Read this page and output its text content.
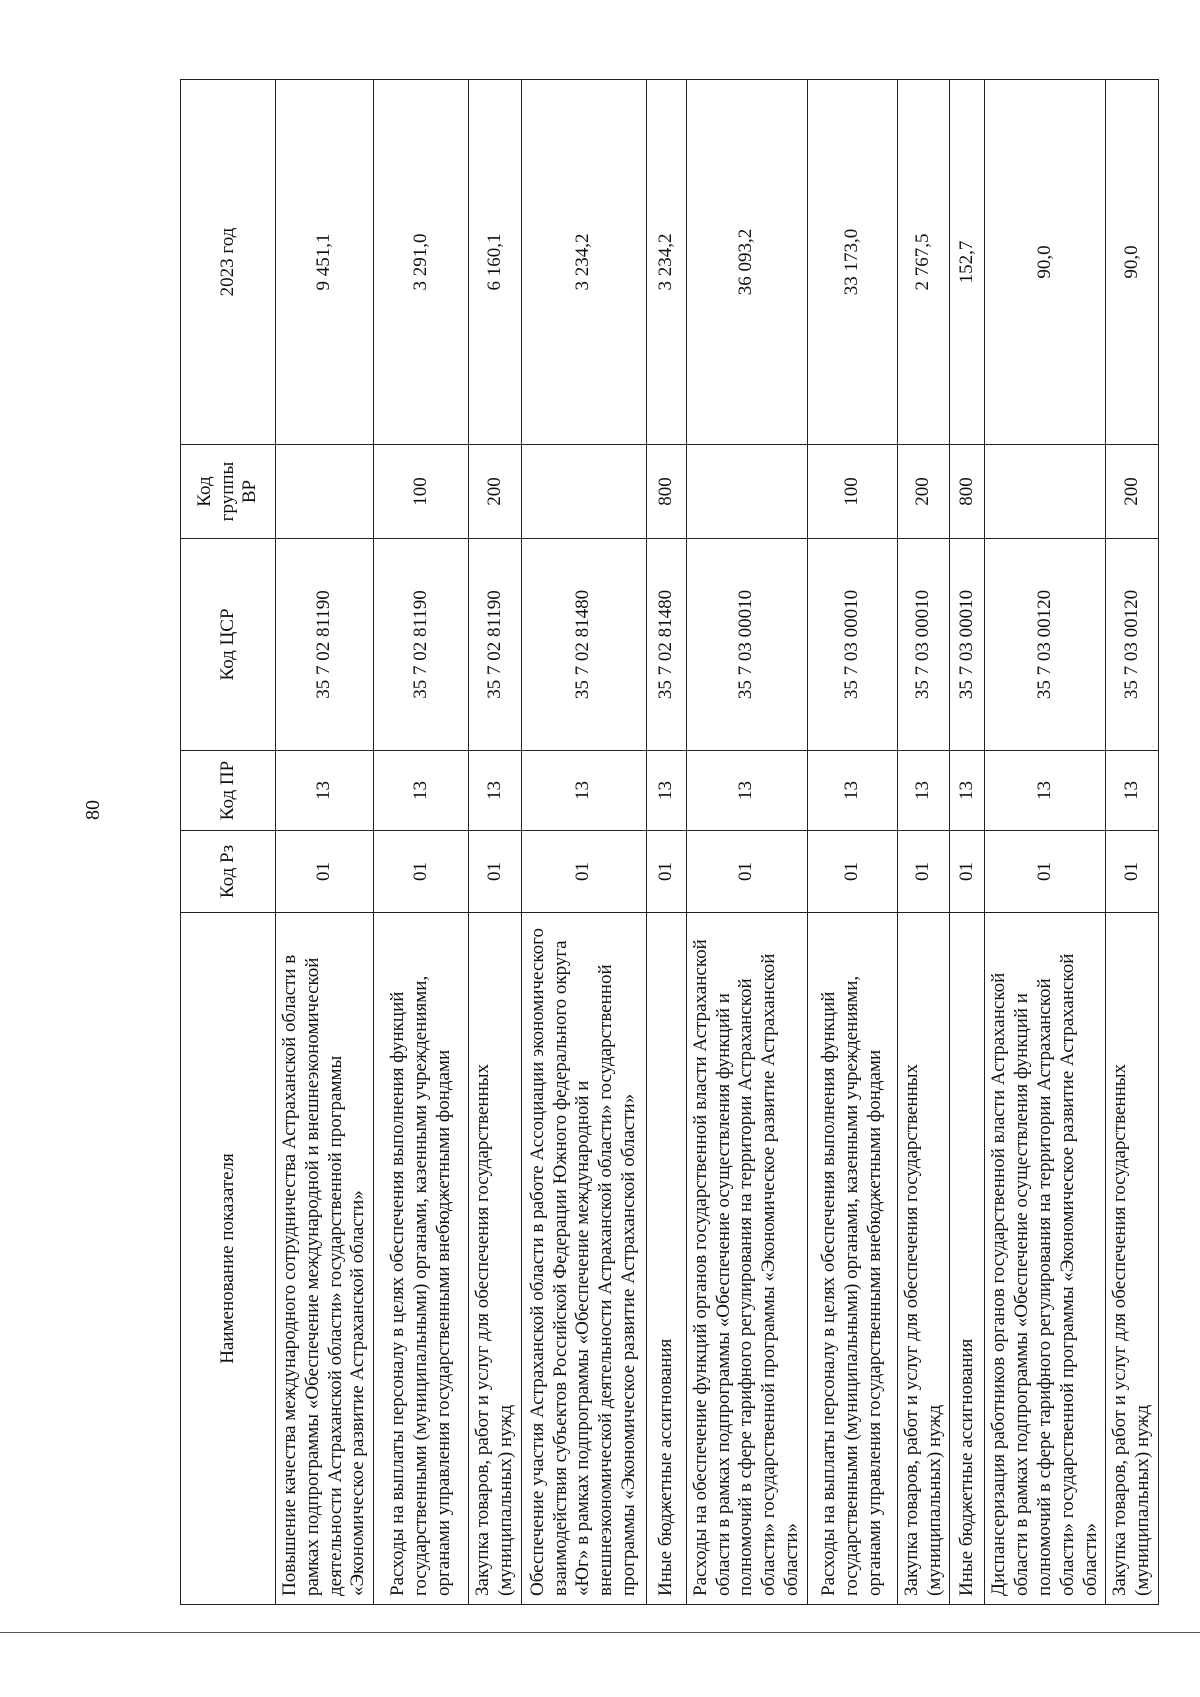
80
Наименование показателя	Код Рз	Код ПР	Код ЦСР	Код группы ВР	2023 год
Повышение качества международного сотрудничества Астраханской области в рамках подпрограммы «Обеспечение международной и внешнеэкономической деятельности Астраханской области» государственной программы «Экономическое развитие Астраханской области»	01	13	35 7 02 81190		9 451,1
Расходы на выплаты персоналу в целях обеспечения выполнения функций государственными (муниципальными) органами, казенными учреждениями, органами управления государственными внебюджетными фондами	01	13	35 7 02 81190	100	3 291,0
Закупка товаров, работ и услуг для обеспечения государственных (муниципальных) нужд	01	13	35 7 02 81190	200	6 160,1
Обеспечение участия Астраханской области в работе Ассоциации экономического взаимодействия субъектов Российской Федерации Южного федерального округа «Юг» в рамках подпрограммы «Обеспечение международной и внешнеэкономической деятельности Астраханской области» государственной программы «Экономическое развитие Астраханской области»	01	13	35 7 02 81480		3 234,2
Иные бюджетные ассигнования	01	13	35 7 02 81480	800	3 234,2
Расходы на обеспечение функций органов государственной власти Астраханской области в рамках подпрограммы «Обеспечение осуществления функций и полномочий в сфере тарифного регулирования на территории Астраханской области» государственной программы «Экономическое развитие Астраханской области»	01	13	35 7 03 00010		36 093,2
Расходы на выплаты персоналу в целях обеспечения выполнения функций государственными (муниципальными) органами, казенными учреждениями, органами управления государственными внебюджетными фондами	01	13	35 7 03 00010	100	33 173,0
Закупка товаров, работ и услуг для обеспечения государственных (муниципальных) нужд	01	13	35 7 03 00010	200	2 767,5
Иные бюджетные ассигнования	01	13	35 7 03 00010	800	152,7
Диспансеризация работников органов государственной власти Астраханской области в рамках подпрограммы «Обеспечение осуществления функций и полномочий в сфере тарифного регулирования на территории Астраханской области» государственной программы «Экономическое развитие Астраханской области»	01	13	35 7 03 00120		90,0
Закупка товаров, работ и услуг для обеспечения государственных (муниципальных) нужд	01	13	35 7 03 00120	200	90,0
